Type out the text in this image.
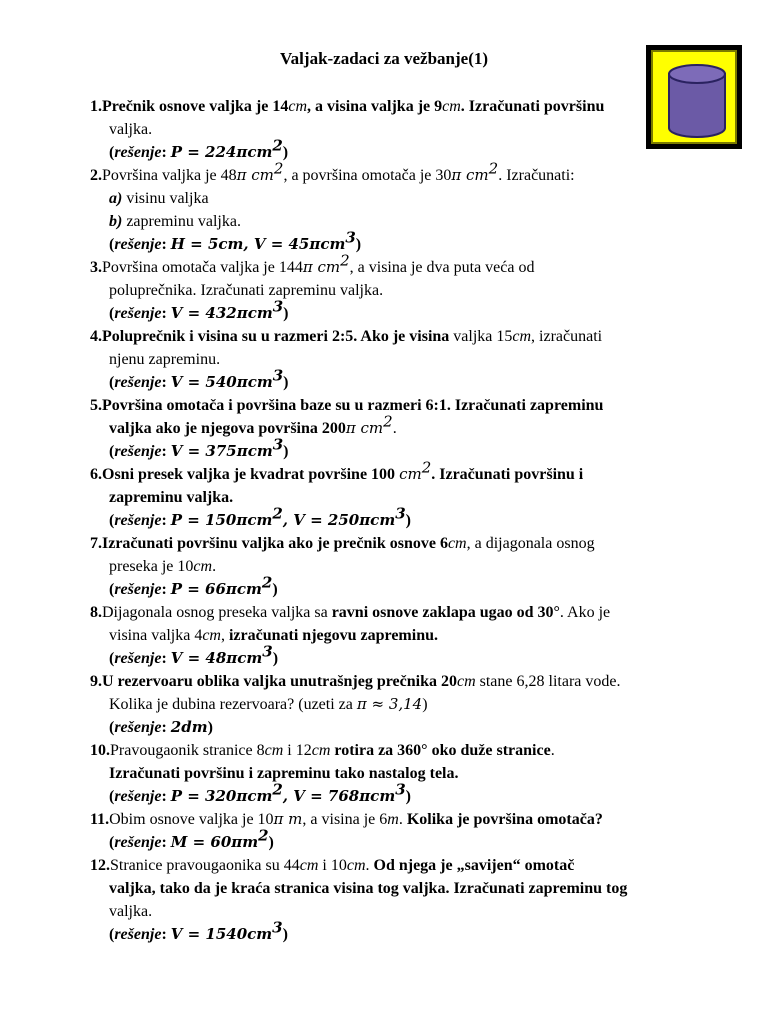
Valjak-zadaci za vežbanje(1)
1.Prečnik osnove valjka je 14cm, a visina valjka je 9cm. Izračunati površinu
valjka.
(rešenje: P = 224πcm$^2$)
2.Površina valjka je 48π $cm^2$, a površina omotača je 30π $cm^2$. Izračunati:
a) visinu valjka
b) zapreminu valjka.
(rešenje: H = 5cm, V = 45πcm$^3$)
3.Površina omotača valjka je 144π $cm^2$, a visina je dva puta veća od
poluprečnika. Izračunati zapreminu valjka.
(rešenje: V = 432πcm$^3$)
4.Poluprečnik i visina su u razmeri 2:5. Ako je visina valjka 15cm, izračunati
njenu zapreminu.
(rešenje: V = 540πcm$^3$)
5.Površina omotača i površina baze su u razmeri 6:1. Izračunati zapreminu
valjka ako je njegova površina 200π $cm^2$.
(rešenje: V = 375πcm$^3$)
6.Osni presek valjka je kvadrat površine 100 $cm^2$. Izračunati površinu i
zapreminu valjka.
(rešenje: P = 150πcm$^2$, V = 250πcm$^3$)
7.Izračunati površinu valjka ako je prečnik osnove 6cm, a dijagonala osnog
preseka je 10cm.
(rešenje: P = 66πcm$^2$)
8.Dijagonala osnog preseka valjka sa ravni osnove zaklapa ugao od 30°. Ako je
visina valjka 4cm, izračunati njegovu zapreminu.
(rešenje: V = 48πcm$^3$)
9.U rezervoaru oblika valjka unutrašnjeg prečnika 20cm stane 6,28 litara vode.
Kolika je dubina rezervoara? (uzeti za π ≈ 3,14)
(rešenje: 2dm)
10.Pravougaonik stranice 8cm i 12cm rotira za 360° oko duže stranice.
Izračunati površinu i zapreminu tako nastalog tela.
(rešenje: P = 320πcm$^2$, V = 768πcm$^3$)
11.Obim osnove valjka je 10π m, a visina je 6m. Kolika je površina omotača?
(rešenje: $M = 60\pi m^2$)
12.Stranice pravougaonika su 44cm i 10cm. Od njega je „savijen“ omotač
valjka, tako da je kraća stranica visina tog valjka. Izračunati zapreminu tog
valjka.
(rešenje: $V = 1540cm^3$)
